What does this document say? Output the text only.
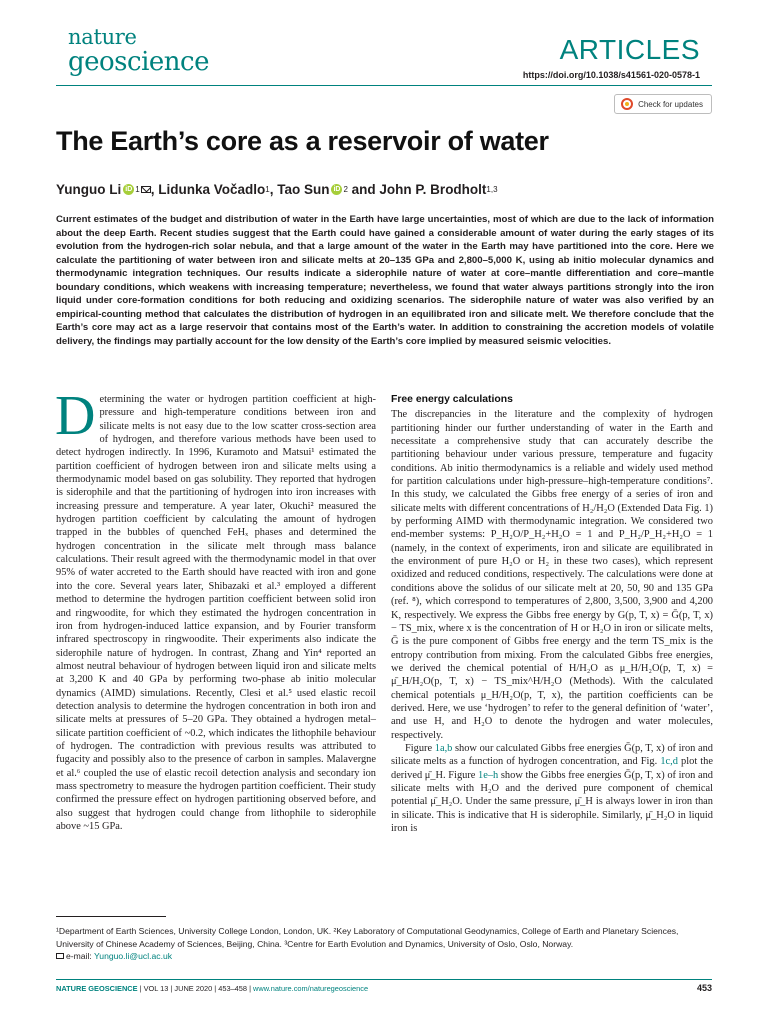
nature
geoscience	ARTICLES
https://doi.org/10.1038/s41561-020-0578-1
Check for updates
The Earth’s core as a reservoir of water
Yunguo Li iD 1 , Lidunka Vočadlo 1 , Tao Sun iD 2 and John P. Brodholt 1,3

Current estimates of the budget and distribution of water in the Earth have large uncertainties, most of which are due to the lack of information about the deep Earth. Recent studies suggest that the Earth could have gained a considerable amount of water during the early stages of its evolution from the hydrogen-rich solar nebula, and that a large amount of the water in the Earth may have partitioned into the core. Here we calculate the partitioning of water between iron and silicate melts at 20–135 GPa and 2,800–5,000 K, using ab initio molecular dynamics and thermodynamic integration techniques. Our results indicate a siderophile nature of water at core–mantle differentiation and core–mantle boundary conditions, which weakens with increasing temperature; nevertheless, we found that water always partitions strongly into the iron liquid under core-formation conditions for both reducing and oxidizing scenarios. The siderophile nature of water was also verified by an empirical-counting method that calculates the distribution of hydrogen in an equilibrated iron and silicate melt. We therefore conclude that the Earth’s core may act as a large reservoir that contains most of the Earth’s water. In addition to constraining the accretion models of volatile delivery, the findings may partially account for the low density of the Earth’s core implied by measured seismic velocities.

Determining the water or hydrogen partition coefficient at high-pressure and high-temperature conditions between iron and silicate melts is not easy due to the low scatter cross-section area of hydrogen, and therefore various methods have been used to detect hydrogen indirectly. In 1996, Kuramoto and Matsui¹ estimated the partition coefficient of hydrogen between iron and silicate melts using a thermodynamic model based on gas solubility. They reported that hydrogen is siderophile and that the partitioning of hydrogen into iron increases with increasing pressure and temperature. A year later, Okuchi² measured the hydrogen partition coefficient by calculating the amount of hydrogen trapped in the bubbles of quenched FeHₓ phases and determined the hydrogen concentration in the silicate melt through mass balance calculations. Their result agreed with the thermodynamic model in that over 95% of water accreted to the Earth should have reacted with iron and gone into the core. Several years later, Shibazaki et al.³ employed a different method to determine the hydrogen partition coefficient between solid iron and ringwoodite, for which they estimated the hydrogen concentration in iron from hydrogen-induced lattice expansion, and by Fourier transform infrared spectroscopy in ringwoodite. Their experiments also indicate the siderophile nature of hydrogen. In contrast, Zhang and Yin⁴ reported an almost neutral behaviour of hydrogen between liquid iron and silicate melts at 3,200 K and 40 GPa by performing two-phase ab initio molecular dynamics (AIMD) simulations. Recently, Clesi et al.⁵ used elastic recoil detection analysis to determine the hydrogen concentration in both iron and silicate melts at pressures of 5–20 GPa. They obtained a hydrogen metal–silicate partition coefficient of ~0.2, which indicates the lithophile behaviour of hydrogen. The contradiction with previous results was attributed to fugacity and possibly also to the presence of carbon in samples. Malavergne et al.⁶ coupled the use of elastic recoil detection analysis and secondary ion mass spectrometry to measure the hydrogen partition coefficient. Their study confirmed the pressure effect on hydrogen partitioning observed before, and also suggest that hydrogen could change from lithophile to siderophile above ~15 GPa.

Free energy calculations

The discrepancies in the literature and the complexity of hydrogen partitioning hinder our further understanding of water in the Earth and necessitate a comprehensive study that can accurately describe the partitioning behaviour under various pressure, temperature and fugacity conditions. Ab initio thermodynamics is a reliable and widely used method for partition calculations under high-pressure–high-temperature conditions⁷. In this study, we calculated the Gibbs free energy of a series of iron and silicate melts with different concentrations of H₂/H₂O (Extended Data Fig. 1) by performing AIMD with thermodynamic integration. We considered two end-member systems: P_H₂O/P_H₂+H₂O = 1 and P_H₂/P_H₂+H₂O = 1 (namely, in the context of experiments, iron and silicate are equilibrated in the environment of pure H₂O or H₂ in these two cases), which represent oxidized and reduced conditions, respectively. The calculations were done at conditions above the solidus of our silicate melt at 20, 50, 90 and 135 GPa (ref. ⁸), which correspond to temperatures of 2,800, 3,500, 3,900 and 4,200 K, respectively. We express the Gibbs free energy by G(p, T, x) = Ḡ(p, T, x) − TS_mix, where x is the concentration of H or H₂O in iron or silicate melts, Ḡ is the pure component of Gibbs free energy and the term TS_mix is the entropy contribution from mixing. From the calculated Gibbs free energies, we derived the chemical potential of H/H₂O as μ_H/H₂O(p, T, x) = μ̄_H/H₂O(p, T, x) − TS_mix^H/H₂O (Methods). With the calculated chemical potentials μ_H/H₂O(p, T, x), the partition coefficients can be derived. Here, we use ‘hydrogen’ to refer to the general definition of ‘water’, and use H, and H₂O to denote the hydrogen and water molecules, respectively.

Figure 1a,b show our calculated Gibbs free energies Ḡ(p, T, x) of iron and silicate melts as a function of hydrogen concentration, and Fig. 1c,d plot the derived μ̄_H. Figure 1e–h show the Gibbs free energies Ḡ(p, T, x) of iron and silicate melts with H₂O and the derived pure component of chemical potential μ̄_H₂O. Under the same pressure, μ̄_H is always lower in iron than in silicate. This is indicative that H is siderophile. Similarly, μ̄_H₂O in liquid iron is

¹Department of Earth Sciences, University College London, London, UK. ²Key Laboratory of Computational Geodynamics, College of Earth and Planetary Sciences, University of Chinese Academy of Sciences, Beijing, China. ³Centre for Earth Evolution and Dynamics, University of Oslo, Oslo, Norway.
e-mail: Yunguo.li@ucl.ac.uk
NATURE GEOSCIENCE | VOL 13 | JUNE 2020 | 453–458 | www.nature.com/naturegeoscience	453
